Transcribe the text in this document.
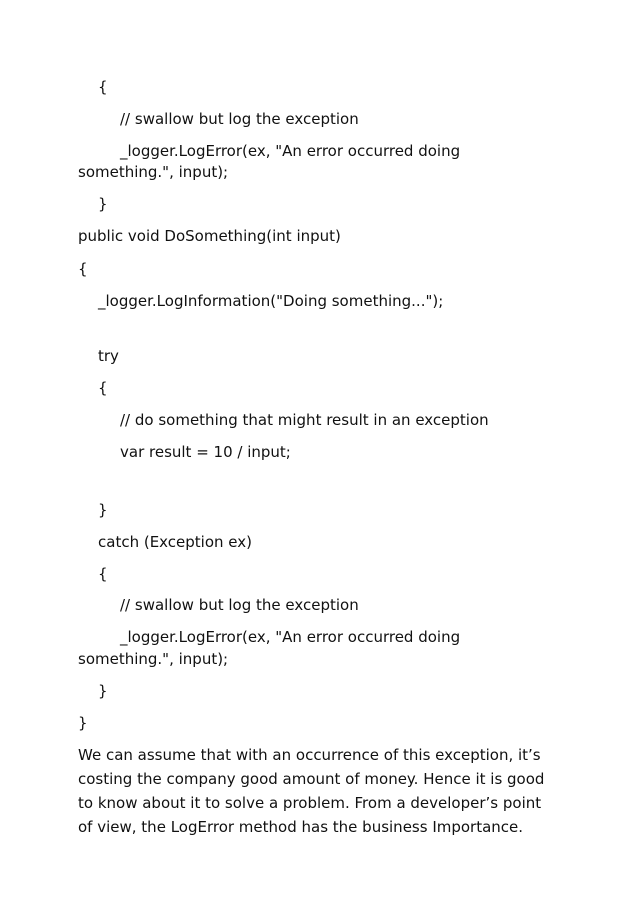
{
// swallow but log the exception
_logger.LogError(ex, "An error occurred doing
something.", input);
}
public void DoSomething(int input)
{
_logger.LogInformation("Doing something...");
try
{
// do something that might result in an exception
var result = 10 / input;
}
catch (Exception ex)
{
// swallow but log the exception
_logger.LogError(ex, "An error occurred doing
something.", input);
}
}
We can assume that with an occurrence of this exception, it’s costing the company good amount of money. Hence it is good to know about it to solve a problem. From a developer’s point of view, the LogError method has the business Importance.
